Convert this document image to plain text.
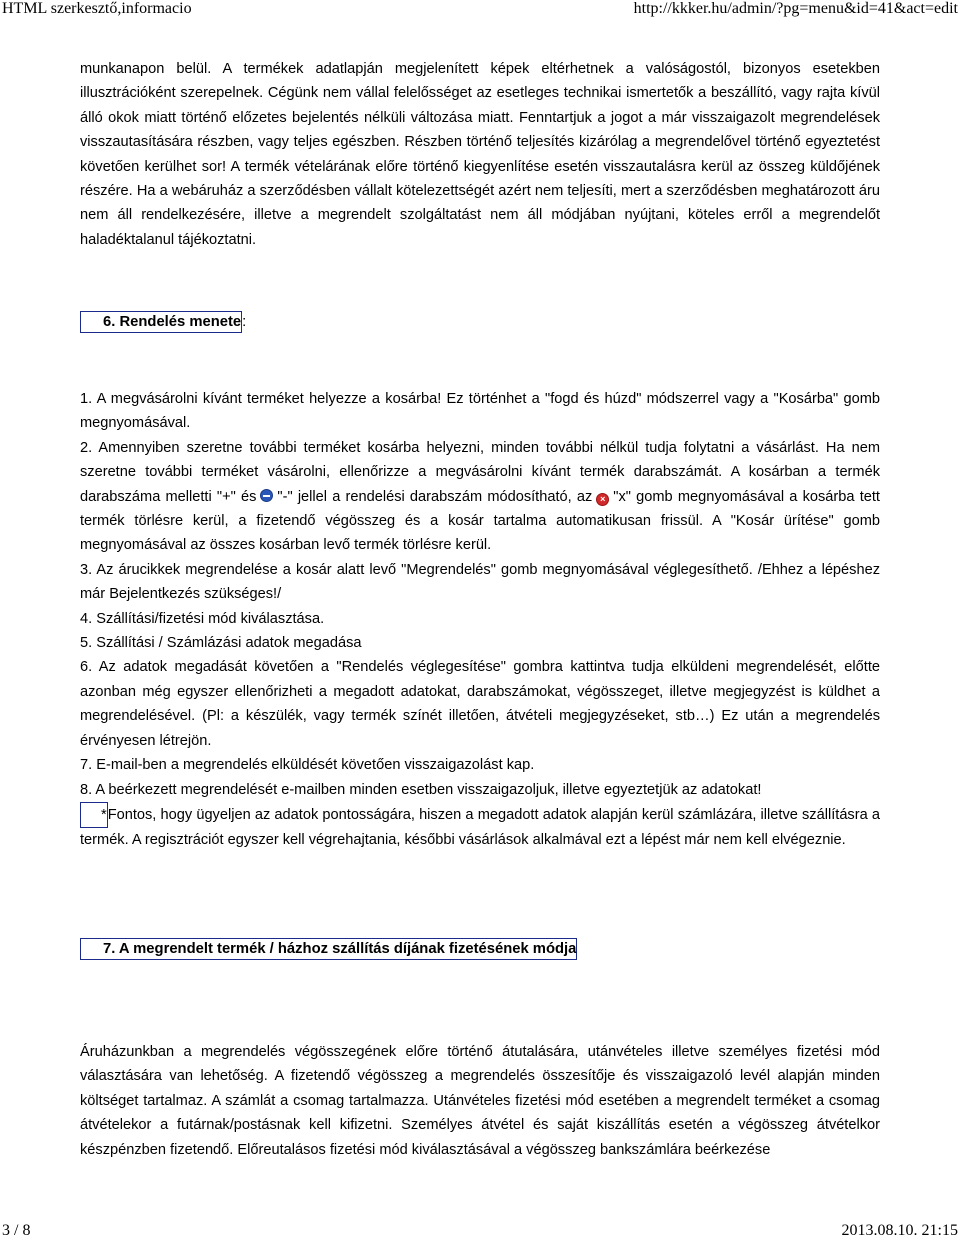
HTML szerkesztő,informacio	http://kkker.hu/admin/?pg=menu&id=41&act=edit

munkanapon belül. A termékek adatlapján megjelenített képek eltérhetnek a valóságostól, bizonyos esetekben illusztrációként szerepelnek. Cégünk nem vállal felelősséget az esetleges technikai ismertetők a beszállító, vagy rajta kívül álló okok miatt történő előzetes bejelentés nélküli változása miatt. Fenntartjuk a jogot a már visszaigazolt megrendelések visszautasítására részben, vagy teljes egészben. Részben történő teljesítés kizárólag a megrendelővel történő egyeztetést követően kerülhet sor! A termék vételárának előre történő kiegyenlítése esetén visszautalásra kerül az összeg küldőjének részére. Ha a webáruház a szerződésben vállalt kötelezettségét azért nem teljesíti, mert a szerződésben meghatározott áru nem áll rendelkezésére, illetve a megrendelt szolgáltatást nem áll módjában nyújtani, köteles erről a megrendelőt haladéktalanul tájékoztatni.

6. Rendelés menete:

1. A megvásárolni kívánt terméket helyezze a kosárba! Ez történhet a "fogd és húzd" módszerrel vagy a "Kosárba" gomb megnyomásával.

2. Amennyiben szeretne további terméket kosárba helyezni, minden további nélkül tudja folytatni a vásárlást. Ha nem szeretne további terméket vásárolni, ellenőrizze a megvásárolni kívánt termék darabszámát. A kosárban a termék darabszáma melletti "+" és "-" jellel a rendelési darabszám módosítható, az × "x" gomb megnyomásával a kosárba tett termék törlésre kerül, a fizetendő végösszeg és a kosár tartalma automatikusan frissül. A "Kosár ürítése" gomb megnyomásával az összes kosárban levő termék törlésre kerül.

3. Az árucikkek megrendelése a kosár alatt levő "Megrendelés" gomb megnyomásával véglegesíthető. /Ehhez a lépéshez már Bejelentkezés szükséges!/

4. Szállítási/fizetési mód kiválasztása.

5. Szállítási / Számlázási adatok megadása

6. Az adatok megadását követően a "Rendelés véglegesítése" gombra kattintva tudja elküldeni megrendelését, előtte azonban még egyszer ellenőrizheti a megadott adatokat, darabszámokat, végösszeget, illetve megjegyzést is küldhet a megrendelésével. (Pl: a készülék, vagy termék színét illetően, átvételi megjegyzéseket, stb…) Ez után a megrendelés érvényesen létrejön.

7. E-mail-ben a megrendelés elküldését követően visszaigazolást kap.

8. A beérkezett megrendelését e-mailben minden esetben visszaigazoljuk, illetve egyeztetjük az adatokat!

*Fontos, hogy ügyeljen az adatok pontosságára, hiszen a megadott adatok alapján kerül számlázára, illetve szállításra a termék. A regisztrációt egyszer kell végrehajtania, későbbi vásárlások alkalmával ezt a lépést már nem kell elvégeznie.

7. A megrendelt termék / házhoz szállítás díjának fizetésének módja

Áruházunkban a megrendelés végösszegének előre történő átutalására, utánvételes illetve személyes fizetési mód választására van lehetőség. A fizetendő végösszeg a megrendelés összesítője és visszaigazoló levél alapján minden költséget tartalmaz. A számlát a csomag tartalmazza. Utánvételes fizetési mód esetében a megrendelt terméket a csomag átvételekor a futárnak/postásnak kell kifizetni. Személyes átvétel és saját kiszállítás esetén a végösszeg átvételkor készpénzben fizetendő. Előreutalásos fizetési mód kiválasztásával a végösszeg bankszámlára beérkezése

3 / 8	2013.08.10. 21:15
